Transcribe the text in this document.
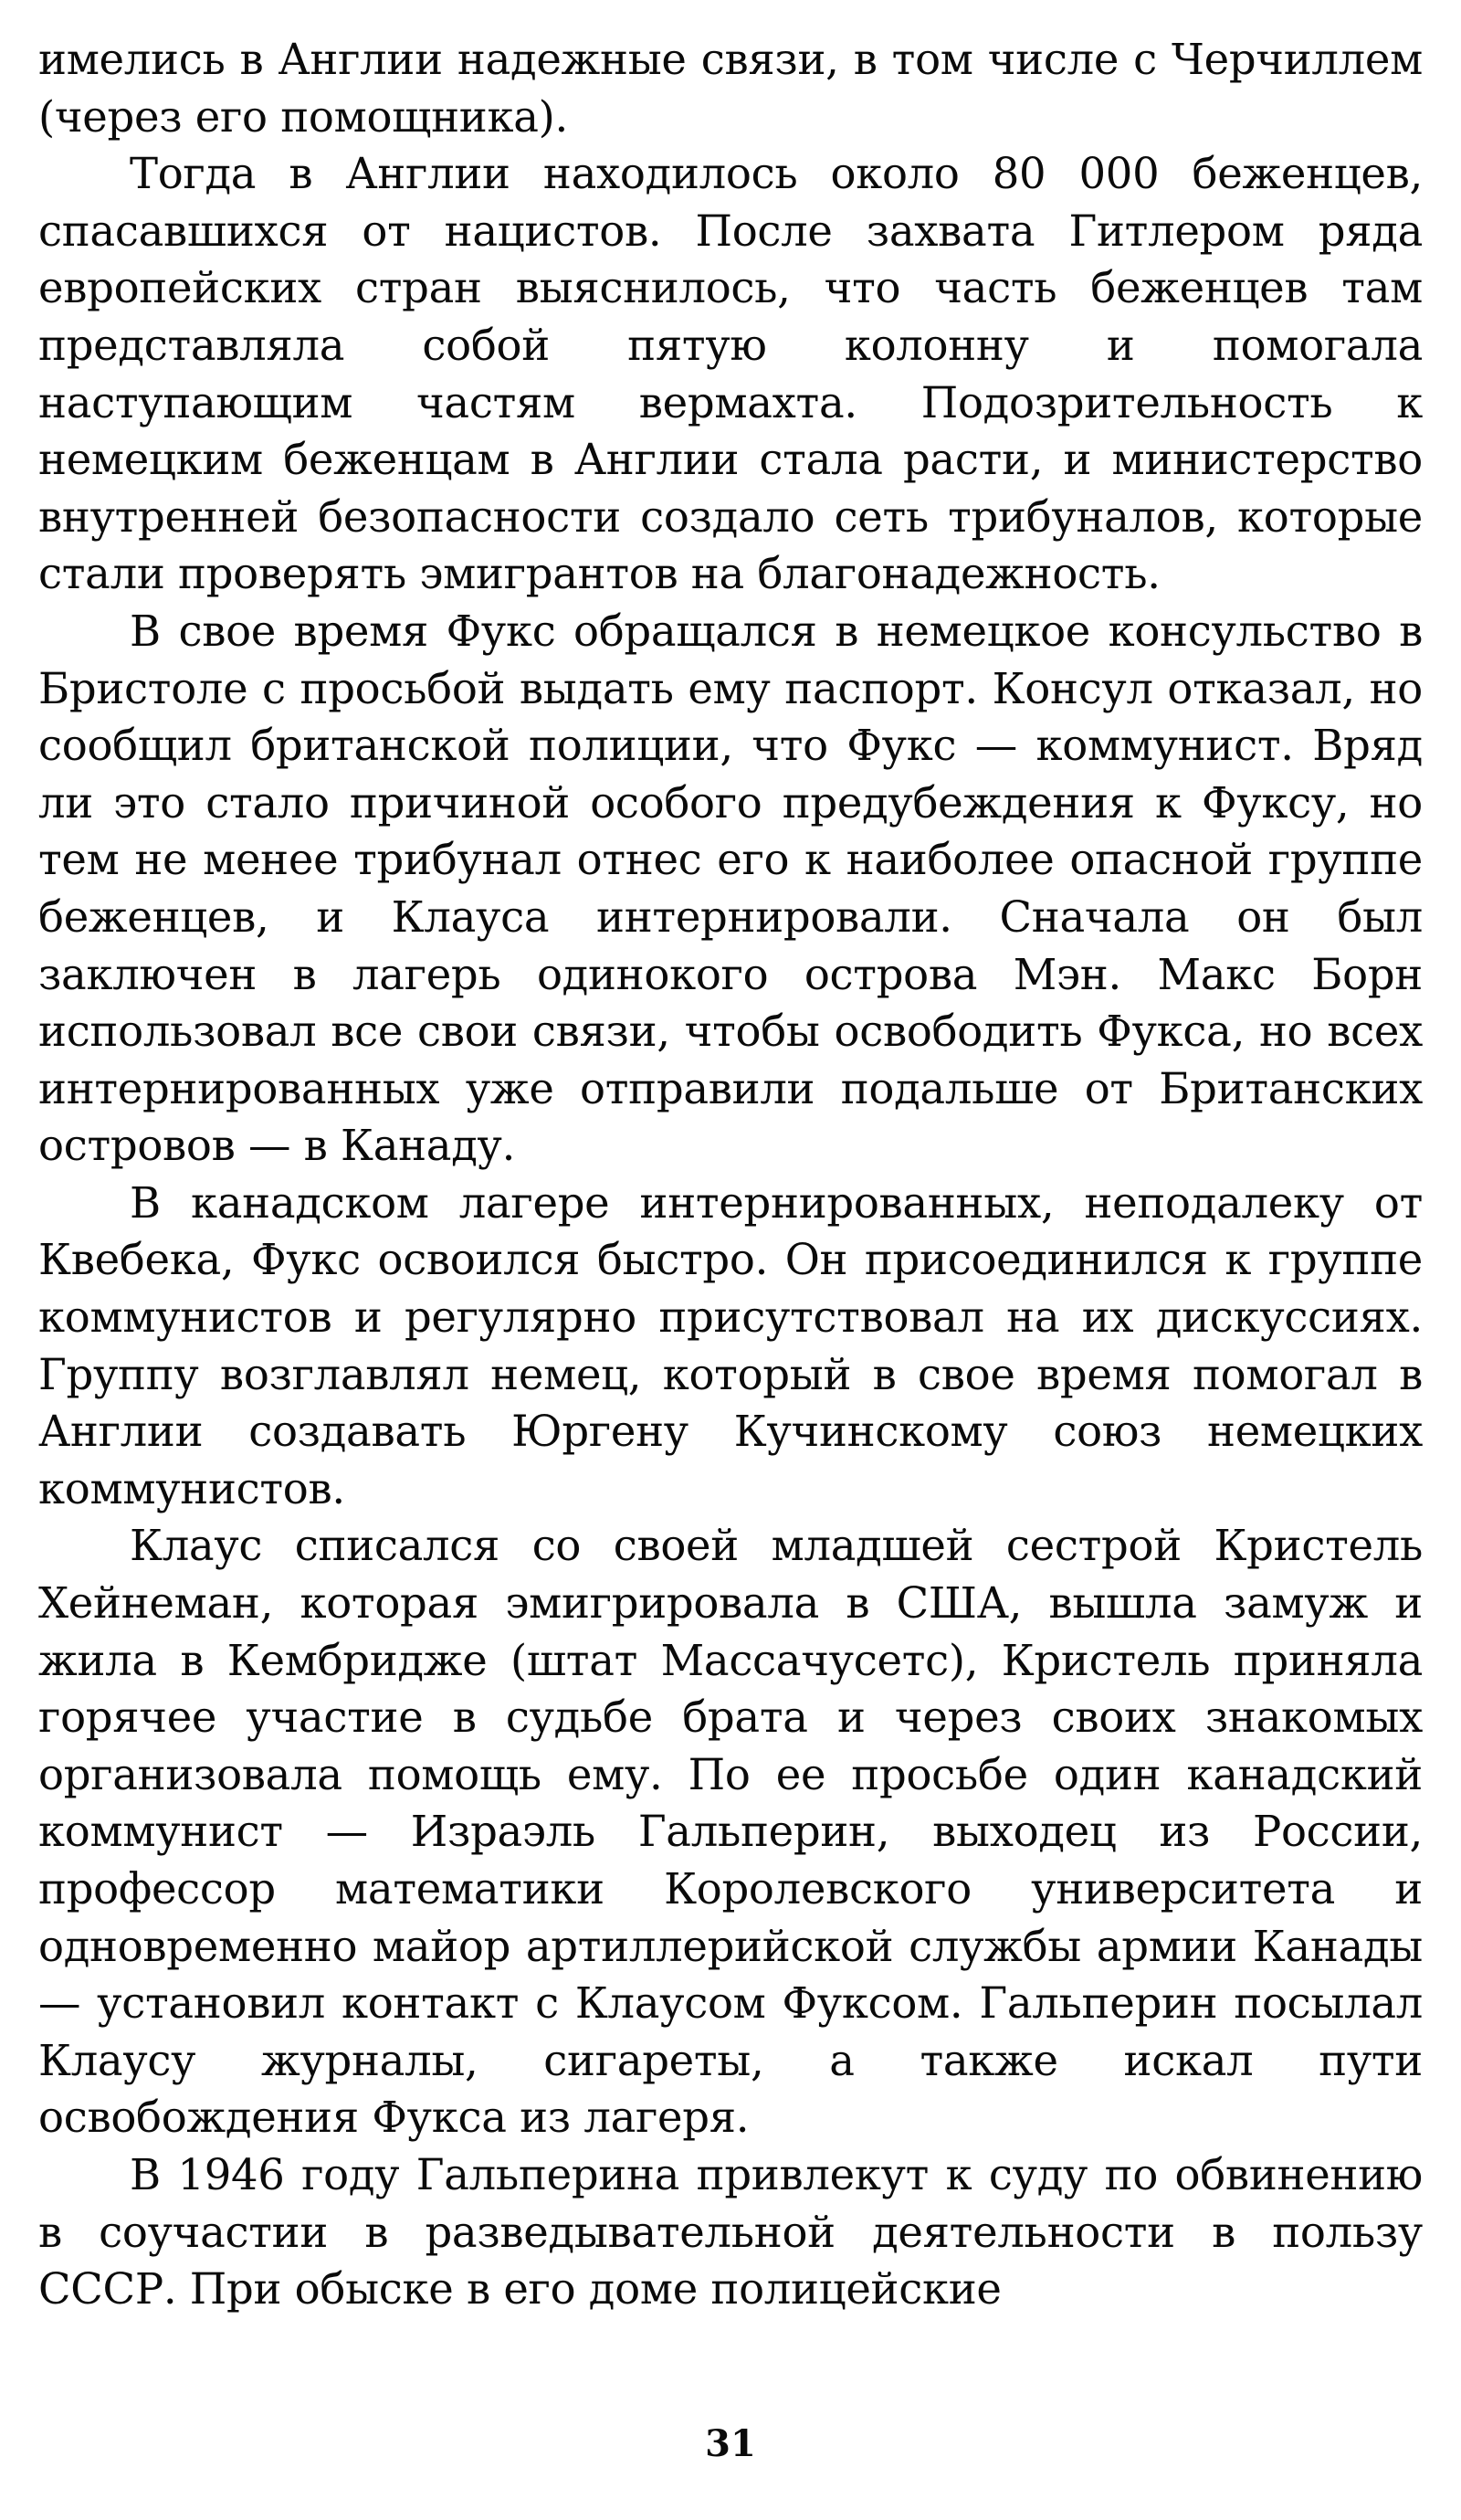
имелись в Англии надежные связи, в том числе с Черчиллем (через его помощника).

Тогда в Англии находилось около 80 000 беженцев, спасавшихся от нацистов. После захвата Гитлером ряда европейских стран выяснилось, что часть беженцев там представляла собой пятую колонну и помогала наступающим частям вермахта. Подозрительность к немецким беженцам в Англии стала расти, и министерство внутренней безопасности создало сеть трибуналов, которые стали проверять эмигрантов на благонадежность.

В свое время Фукс обращался в немецкое консульство в Бристоле с просьбой выдать ему паспорт. Консул отказал, но сообщил британской полиции, что Фукс — коммунист. Вряд ли это стало причиной особого предубеждения к Фуксу, но тем не менее трибунал отнес его к наиболее опасной группе беженцев, и Клауса интернировали. Сначала он был заключен в лагерь одинокого острова Мэн. Макс Борн использовал все свои связи, чтобы освободить Фукса, но всех интернированных уже отправили подальше от Британских островов — в Канаду.

В канадском лагере интернированных, неподалеку от Квебека, Фукс освоился быстро. Он присоединился к группе коммунистов и регулярно присутствовал на их дискуссиях. Группу возглавлял немец, который в свое время помогал в Англии создавать Юргену Кучинскому союз немецких коммунистов.

Клаус списался со своей младшей сестрой Кристель Хейнеман, которая эмигрировала в США, вышла замуж и жила в Кембридже (штат Массачусетс), Кристель приняла горячее участие в судьбе брата и через своих знакомых организовала помощь ему. По ее просьбе один канадский коммунист — Израэль Гальперин, выходец из России, профессор математики Королевского университета и одновременно майор артиллерийской службы армии Канады — установил контакт с Клаусом Фуксом. Гальперин посылал Клаусу журналы, сигареты, а также искал пути освобождения Фукса из лагеря.

В 1946 году Гальперина привлекут к суду по обвинению в соучастии в разведывательной деятельности в пользу СССР. При обыске в его доме полицейские

31
